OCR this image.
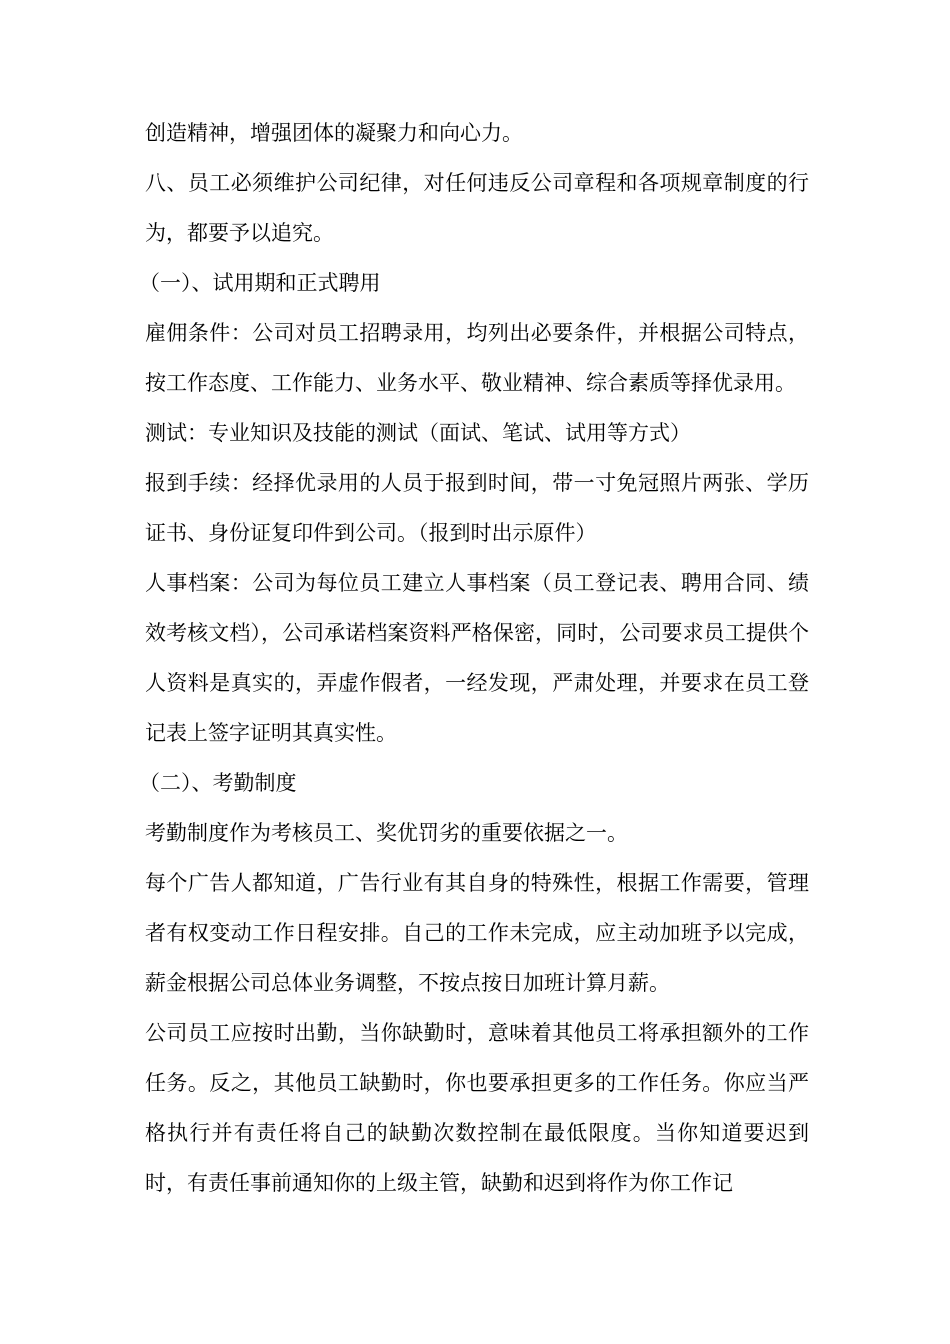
创造精神，增强团体的凝聚力和向心力。

八、员工必须维护公司纪律，对任何违反公司章程和各项规章制度的行为，都要予以追究。

（一）、试用期和正式聘用

雇佣条件：公司对员工招聘录用，均列出必要条件，并根据公司特点，按工作态度、工作能力、业务水平、敬业精神、综合素质等择优录用。

测试：专业知识及技能的测试（面试、笔试、试用等方式）

报到手续：经择优录用的人员于报到时间，带一寸免冠照片两张、学历证书、身份证复印件到公司。（报到时出示原件）

人事档案：公司为每位员工建立人事档案（员工登记表、聘用合同、绩效考核文档），公司承诺档案资料严格保密，同时，公司要求员工提供个人资料是真实的，弄虚作假者，一经发现，严肃处理，并要求在员工登记表上签字证明其真实性。

（二）、考勤制度

考勤制度作为考核员工、奖优罚劣的重要依据之一。

每个广告人都知道，广告行业有其自身的特殊性，根据工作需要，管理者有权变动工作日程安排。自己的工作未完成，应主动加班予以完成，薪金根据公司总体业务调整，不按点按日加班计算月薪。

公司员工应按时出勤，当你缺勤时，意味着其他员工将承担额外的工作任务。反之，其他员工缺勤时，你也要承担更多的工作任务。你应当严格执行并有责任将自己的缺勤次数控制在最低限度。当你知道要迟到时，有责任事前通知你的上级主管，缺勤和迟到将作为你工作记
